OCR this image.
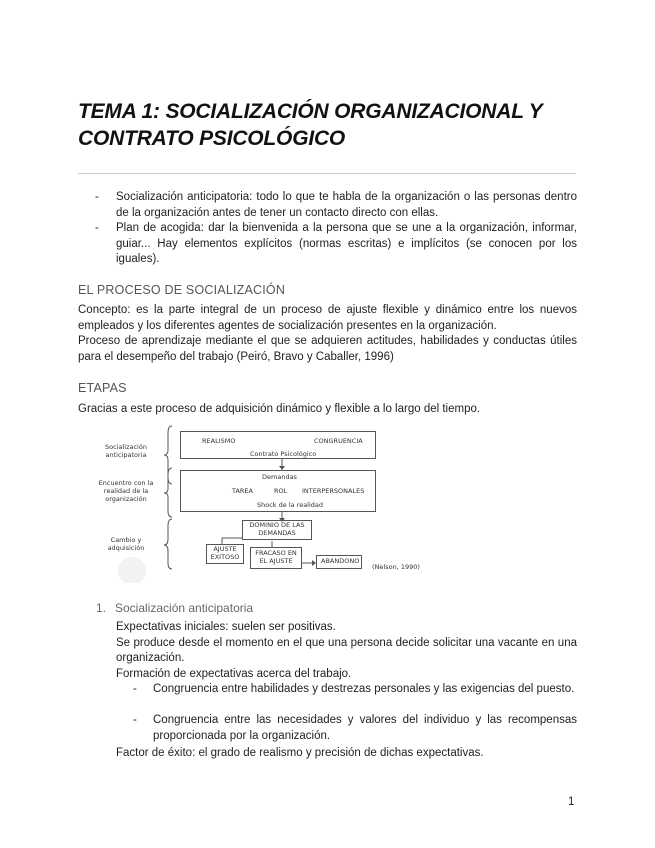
TEMA 1: SOCIALIZACIÓN ORGANIZACIONAL Y
CONTRATO PSICOLÓGICO
- Socialización anticipatoria: todo lo que te habla de la organización o las personas dentro de la organización antes de tener un contacto directo con ellas.
- Plan de acogida: dar la bienvenida a la persona que se une a la organización, informar, guiar... Hay elementos explícitos (normas escritas) e implícitos (se conocen por los iguales).
EL PROCESO DE SOCIALIZACIÓN

Concepto: es la parte integral de un proceso de ajuste flexible y dinámico entre los nuevos empleados y los diferentes agentes de socialización presentes en la organización.

Proceso de aprendizaje mediante el que se adquieren actitudes, habilidades y conductas útiles para el desempeño del trabajo (Peiró, Bravo y Caballer, 1996)

ETAPAS

Gracias a este proceso de adquisición dinámico y flexible a lo largo del tiempo.

Socialización anticipatoria
Encuentro con la realidad de la organización
Cambio y adquisición
REALISMO	CONGRUENCIA
Contrato Psicológico
Demandas
TAREA	ROL INTERPERSONALES
Shock de la realidad
DOMINIO DE LAS DEMANDAS
AJUSTE EXITOSO	FRACASO EN EL AJUSTE	ABANDONO
(Nelson, 1990)
1. Socialización anticipatoria

Expectativas iniciales: suelen ser positivas.

Se produce desde el momento en el que una persona decide solicitar una vacante en una organización.

Formación de expectativas acerca del trabajo.

- Congruencia entre habilidades y destrezas personales y las exigencias del puesto.
- Congruencia entre las necesidades y valores del individuo y las recompensas proporcionada por la organización.

Factor de éxito: el grado de realismo y precisión de dichas expectativas.

1
